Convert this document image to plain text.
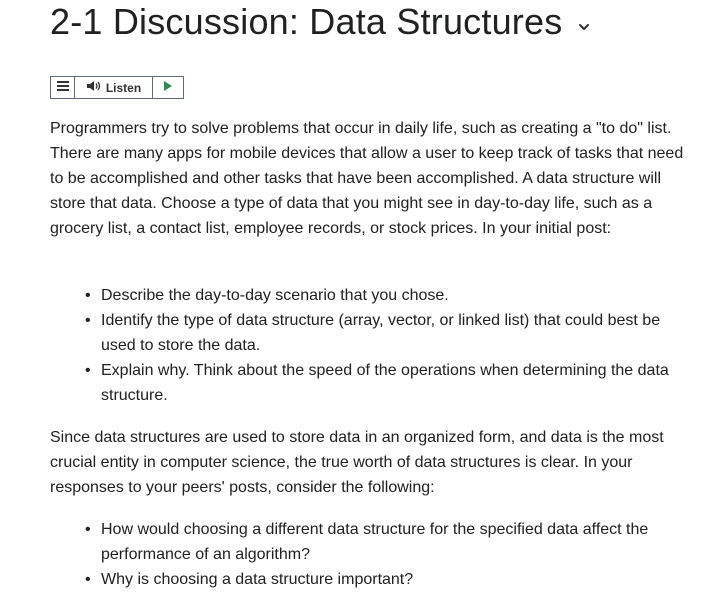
2-1 Discussion: Data Structures
Listen

Programmers try to solve problems that occur in daily life, such as creating a "to do" list. There are many apps for mobile devices that allow a user to keep track of tasks that need to be accomplished and other tasks that have been accomplished. A data structure will store that data. Choose a type of data that you might see in day-to-day life, such as a grocery list, a contact list, employee records, or stock prices. In your initial post:

• Describe the day-to-day scenario that you chose.
• Identify the type of data structure (array, vector, or linked list) that could best be used to store the data.
• Explain why. Think about the speed of the operations when determining the data structure.

Since data structures are used to store data in an organized form, and data is the most crucial entity in computer science, the true worth of data structures is clear. In your responses to your peers' posts, consider the following:

• How would choosing a different data structure for the specified data affect the performance of an algorithm?
• Why is choosing a data structure important?
